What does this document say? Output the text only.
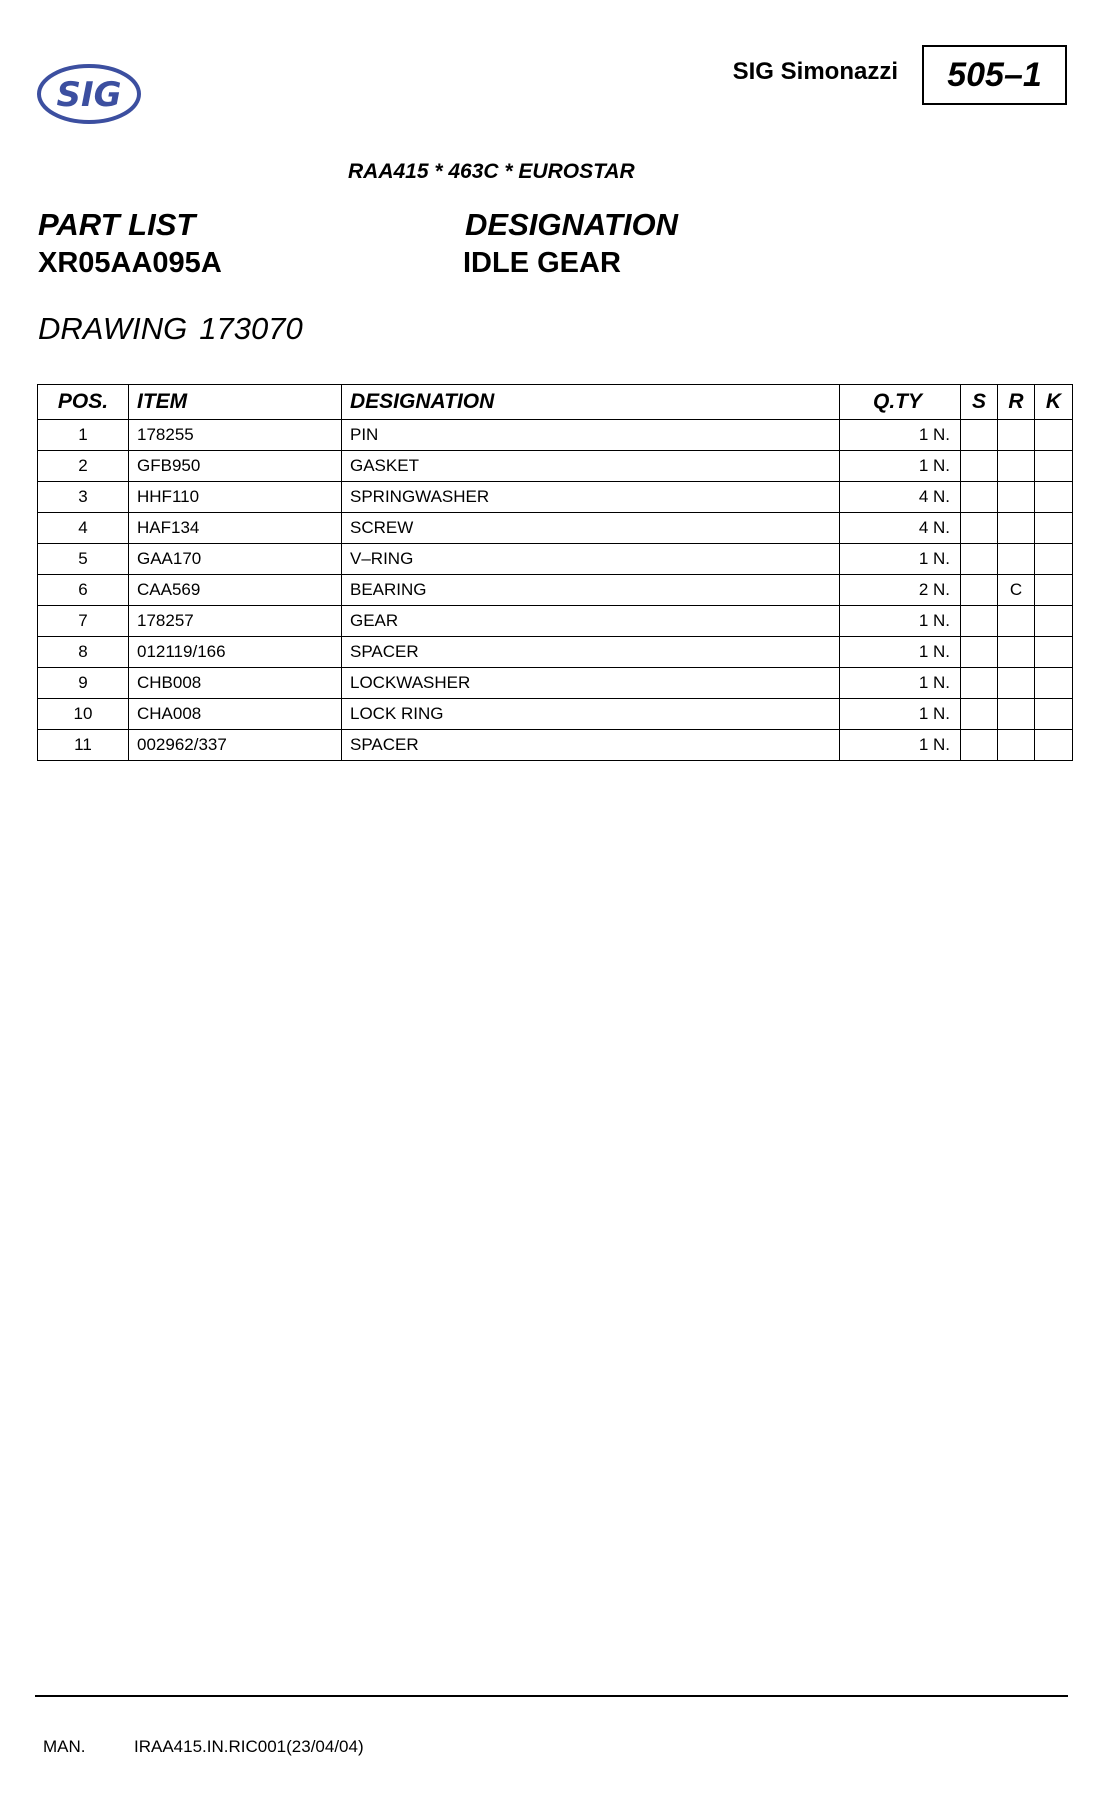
SIG
SIG Simonazzi	505–1
RAA415 * 463C * EUROSTAR
PART LIST
XR05AA095A
DESIGNATION
IDLE GEAR
DRAWING 173070
POS.	ITEM	DESIGNATION	Q.TY	S	R	K
1	178255	PIN	1 N.			
2	GFB950	GASKET	1 N.			
3	HHF110	SPRINGWASHER	4 N.			
4	HAF134	SCREW	4 N.			
5	GAA170	V–RING	1 N.			
6	CAA569	BEARING	2 N.		C	
7	178257	GEAR	1 N.			
8	012119/166	SPACER	1 N.			
9	CHB008	LOCKWASHER	1 N.			
10	CHA008	LOCK RING	1 N.			
11	002962/337	SPACER	1 N.			
MAN.	IRAA415.IN.RIC001(23/04/04)
